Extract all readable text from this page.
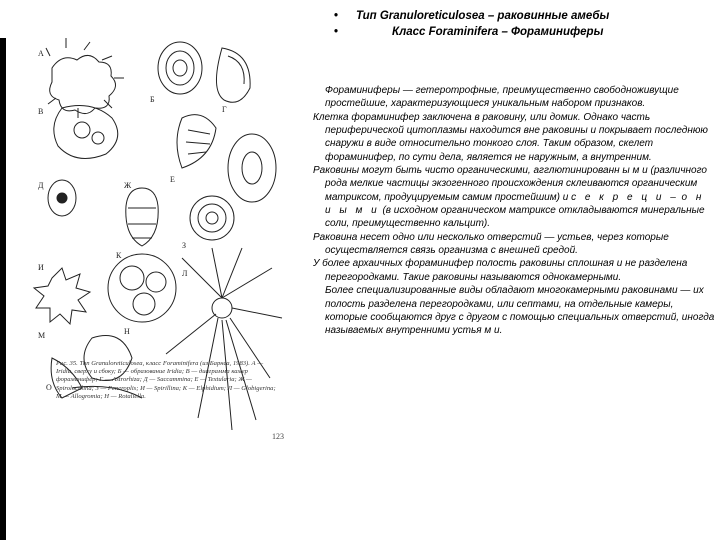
А
Б
В	Г
Д
Е
Ж
З
И
К
Л
М	Н
О
Рис. 35. Тип Granuloreticulosea, класс Foraminifera (из Барнса, 1983). А — Iridia, сверху и сбоку; Б — образование Iridia; В — диаграмма камер фораминифер; Г — Astrorhiza; Д — Saccammina; Е — Textularia; Ж — Spiroloculina; З — Peneroplis; И — Spirillina; К — Elphidium; Л — Globigerina; М — Allogromia; Н — Rotaliella.
123
• Тип Granuloreticulosea – раковинные амебы
•	Класс Foraminifera – Фораминиферы

Фораминиферы — гетеротрофные, преимущественно свободноживущие простейшие, характеризующиеся уникальным набором признаков.

Клетка фораминифер заключена в раковину, или домик. Однако часть периферической цитоплазмы находится вне раковины и покрывает последнюю снаружи в виде относительно тонкого слоя. Таким образом, скелет фораминифер, по сути дела, является не наружным, а внутренним.

Раковины могут быть чисто органическими, агглютинированн ы м и (различного рода мелкие частицы экзогенного происхождения склеиваются органическим матриксом, продуцируемым самим простейшим) и с е к р е ц и – о н и ы м и (в исходном органическом матриксе откладываются минеральные соли, преимущественно кальцит).

Раковина несет одно или несколько отверстий — устьев, через которые осуществляется связь организма с внешней средой.

У более архаичных фораминифер полость раковины сплошная и не разделена перегородками. Такие раковины называются однокамерными.

Более специализированные виды обладают многокамерными раковинами — их полость разделена перегородками, или септами, на отдельные камеры, которые сообщаются друг с другом с помощью специальных отверстий, иногда называемых внутренними устья м и.
